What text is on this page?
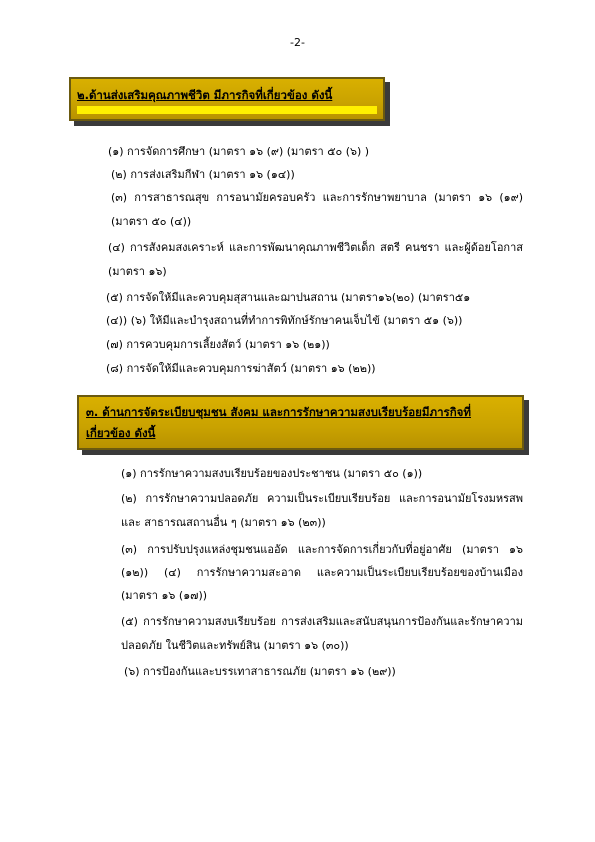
-2-
๒.ด้านส่งเสริมคุณภาพชีวิต มีภารกิจที่เกี่ยวข้อง ดังนี้
(๑) การจัดการศึกษา (มาตรา ๑๖ (๙) (มาตรา ๕๐ (๖) )
(๒) การส่งเสริมกีฬา (มาตรา ๑๖ (๑๔))
(๓) การสาธารณสุข การอนามัยครอบครัว และการรักษาพยาบาล (มาตรา ๑๖ (๑๙)(มาตรา ๕๐ (๔))
(๔) การสังคมสงเคราะห์ และการพัฒนาคุณภาพชีวิตเด็ก สตรี คนชรา และผู้ด้อยโอกาส (มาตรา ๑๖)
(๕) การจัดให้มีและควบคุมสุสานและฌาปนสถาน (มาตรา๑๖(๒๐) (มาตรา๕๑
(๔)) (๖) ให้มีและบำรุงสถานที่ทำการพิทักษ์รักษาคนเจ็บไข้ (มาตรา ๕๑ (๖))
(๗) การควบคุมการเลี้ยงสัตว์ (มาตรา ๑๖ (๒๑))
(๘) การจัดให้มีและควบคุมการฆ่าสัตว์ (มาตรา ๑๖ (๒๒))
๓. ด้านการจัดระเบียบชุมชน สังคม และการรักษาความสงบเรียบร้อยมีภารกิจที่เกี่ยวข้อง ดังนี้
(๑) การรักษาความสงบเรียบร้อยของประชาชน (มาตรา ๕๐ (๑))
(๒) การรักษาความปลอดภัย ความเป็นระเบียบเรียบร้อย และการอนามัยโรงมหรสพและ สาธารณสถานอื่น ๆ (มาตรา ๑๖ (๒๓))
(๓) การปรับปรุงแหล่งชุมชนแออัด และการจัดการเกี่ยวกับที่อยู่อาศัย (มาตรา ๑๖ (๑๒)) (๔) การรักษาความสะอาด และความเป็นระเบียบเรียบร้อยของบ้านเมือง (มาตรา ๑๖ (๑๗))
(๕) การรักษาความสงบเรียบร้อย การส่งเสริมและสนับสนุนการป้องกันและรักษาความปลอดภัย ในชีวิตและทรัพย์สิน (มาตรา ๑๖ (๓๐))
(๖) การป้องกันและบรรเทาสาธารณภัย (มาตรา ๑๖ (๒๙))
